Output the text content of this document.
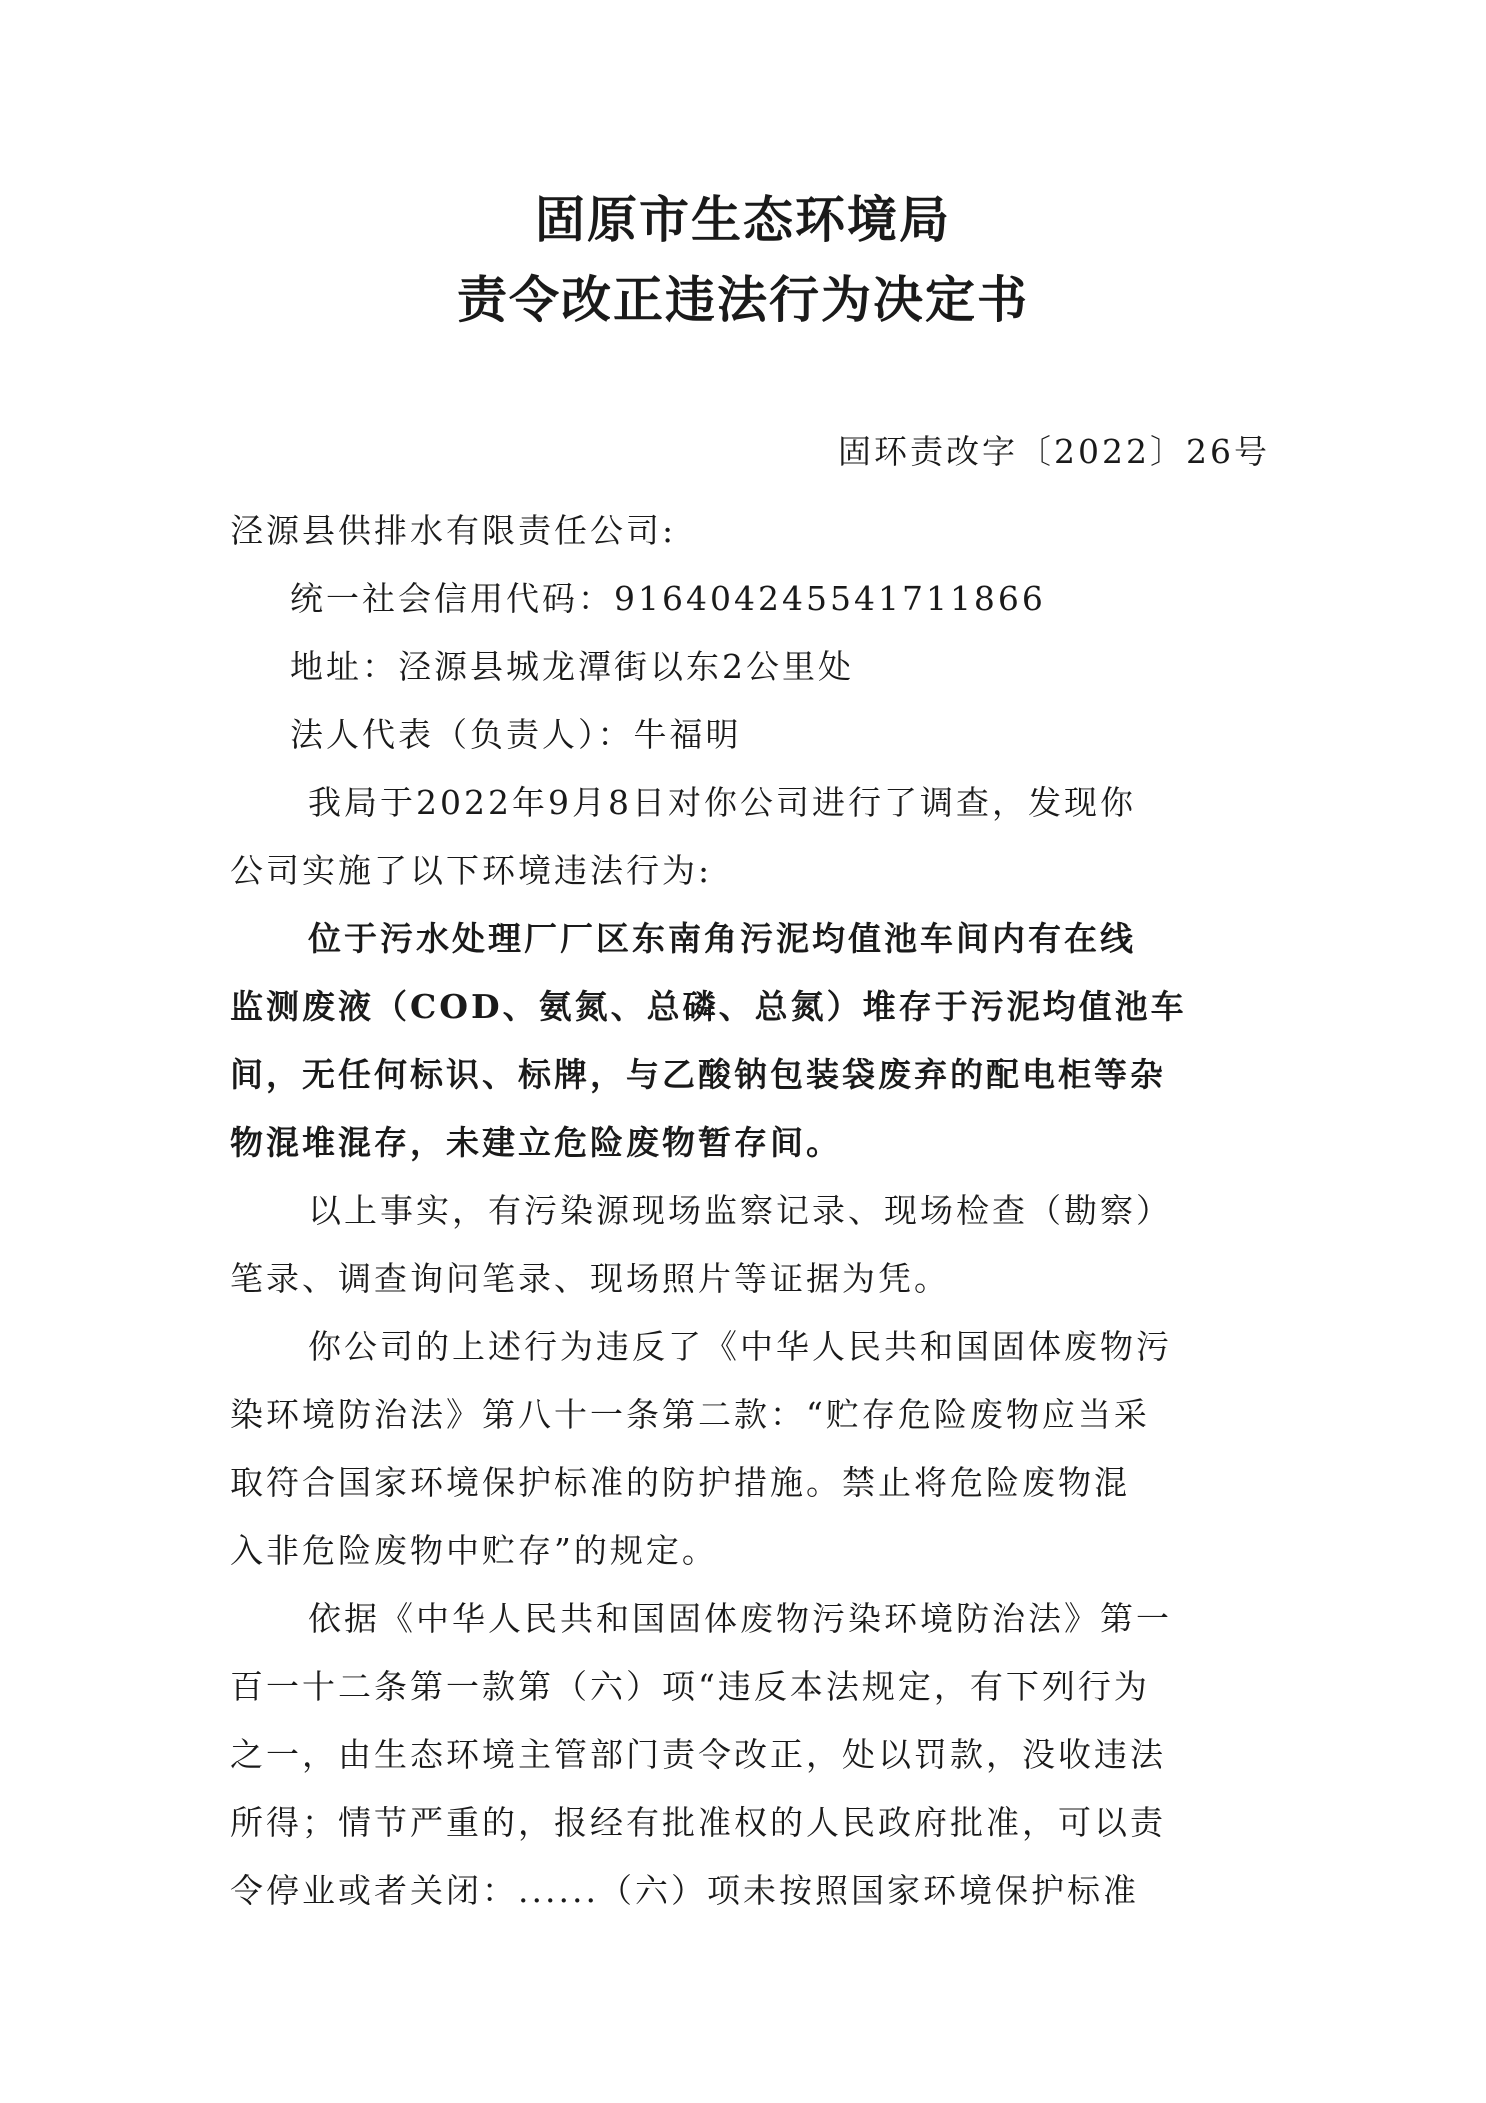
固原市生态环境局
责令改正违法行为决定书

固环责改字〔2022〕26号

泾源县供排水有限责任公司:

统一社会信用代码：916404245541711866

地址：泾源县城龙潭街以东2公里处

法人代表（负责人）：牛福明

我局于2022年9月8日对你公司进行了调查，发现你

公司实施了以下环境违法行为:

位于污水处理厂厂区东南角污泥均值池车间内有在线

监测废液（COD、氨氮、总磷、总氮）堆存于污泥均值池车

间，无任何标识、标牌，与乙酸钠包装袋废弃的配电柜等杂

物混堆混存，未建立危险废物暂存间。

以上事实，有污染源现场监察记录、现场检查（勘察）

笔录、调查询问笔录、现场照片等证据为凭。

你公司的上述行为违反了《中华人民共和国固体废物污

染环境防治法》第八十一条第二款：“贮存危险废物应当采

取符合国家环境保护标准的防护措施。禁止将危险废物混

入非危险废物中贮存”的规定。

依据《中华人民共和国固体废物污染环境防治法》第一

百一十二条第一款第（六）项“违反本法规定，有下列行为

之一，由生态环境主管部门责令改正，处以罚款，没收违法

所得；情节严重的，报经有批准权的人民政府批准，可以责

令停业或者关闭：......（六）项未按照国家环境保护标准
